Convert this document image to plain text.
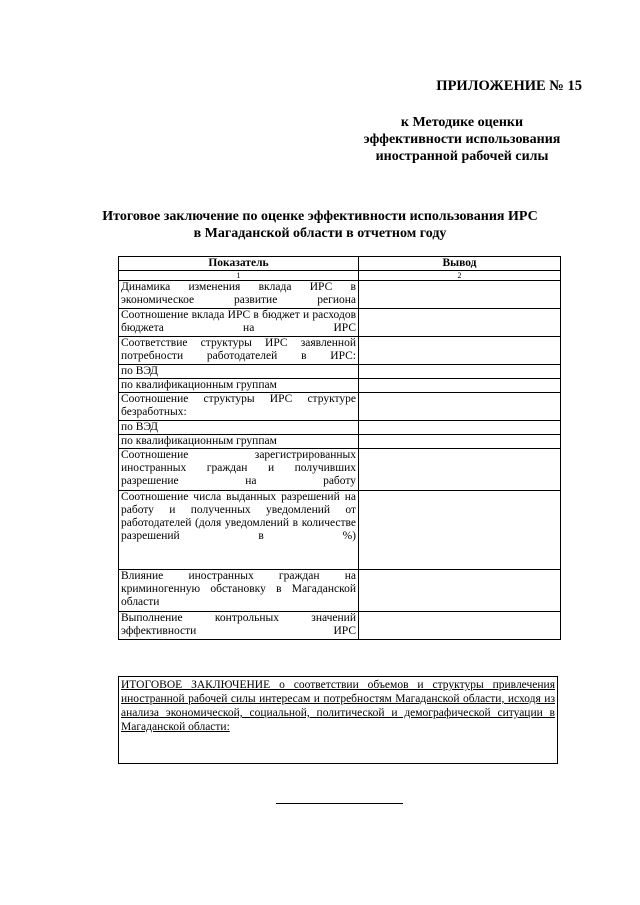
ПРИЛОЖЕНИЕ № 15
к Методике оценки
эффективности использования
иностранной рабочей силы
Итоговое заключение по оценке эффективности использования ИРС
в Магаданской области в отчетном году
Показатель	Вывод
1	2
Динамика изменения вклада ИРС в экономическое развитие региона	
Соотношение вклада ИРС в бюджет и расходов бюджета на ИРС	
Соответствие структуры ИРС заявленной потребности работодателей в ИРС:	
по ВЭД	
по квалификационным группам	
Соотношение структуры ИРС структуре безработных:	
по ВЭД	
по квалификационным группам	
Соотношение зарегистрированных иностранных граждан и получивших разрешение на работу	
Соотношение числа выданных разрешений на работу и полученных уведомлений от работодателей (доля уведомлений в количестве разрешений в %)	
Влияние иностранных граждан на криминогенную обстановку в Магаданской области	
Выполнение контрольных значений эффективности ИРС	
ИТОГОВОЕ ЗАКЛЮЧЕНИЕ о соответствии объемов и структуры привлечения иностранной рабочей силы интересам и потребностям Магаданской области, исходя из анализа экономической, социальной, политической и демографической ситуации в Магаданской области:
